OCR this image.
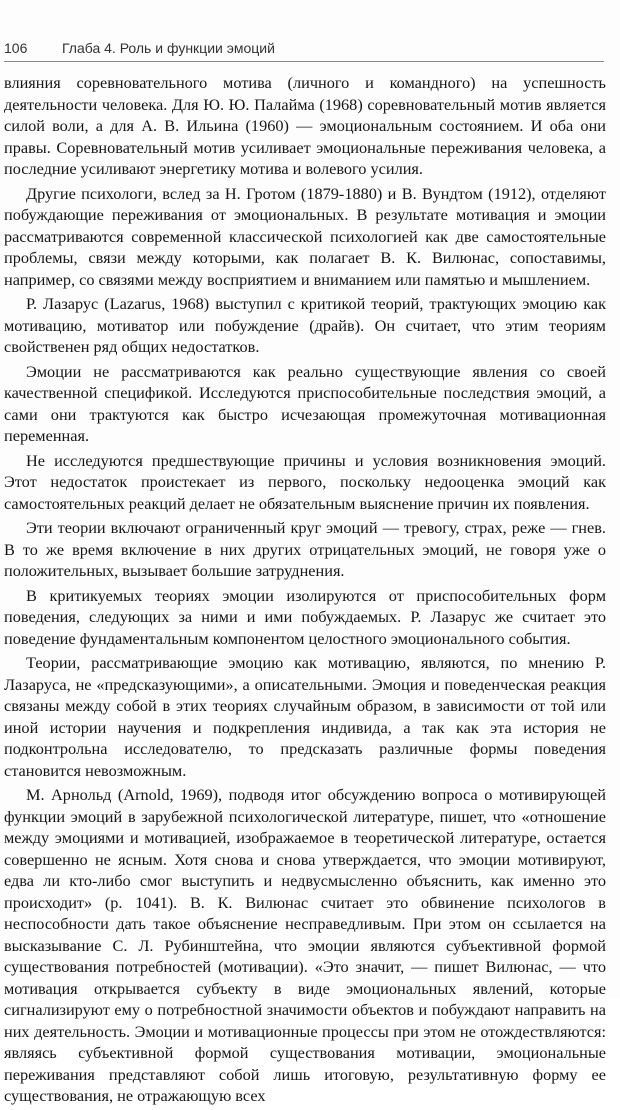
106 Глаба 4. Роль и функции эмоций

влияния соревновательного мотива (личного и командного) на успешность деятельности человека. Для Ю. Ю. Палайма (1968) соревновательный мотив является силой воли, а для А. В. Ильина (1960) — эмоциональным состоянием. И оба они правы. Соревновательный мотив усиливает эмоциональные переживания человека, а последние усиливают энергетику мотива и волевого усилия.

Другие психологи, вслед за Н. Гротом (1879-1880) и В. Вундтом (1912), отделяют побуждающие переживания от эмоциональных. В результате мотивация и эмоции рассматриваются современной классической психологией как две самостоятельные проблемы, связи между которыми, как полагает В. К. Вилюнас, сопоставимы, например, со связями между восприятием и вниманием или памятью и мышлением.

Р. Лазарус (Lazarus, 1968) выступил с критикой теорий, трактующих эмоцию как мотивацию, мотиватор или побуждение (драйв). Он считает, что этим теориям свойственен ряд общих недостатков.

Эмоции не рассматриваются как реально существующие явления со своей качественной спецификой. Исследуются приспособительные последствия эмоций, а сами они трактуются как быстро исчезающая промежуточная мотивационная переменная.

Не исследуются предшествующие причины и условия возникновения эмоций. Этот недостаток проистекает из первого, поскольку недооценка эмоций как самостоятельных реакций делает не обязательным выяснение причин их появления.

Эти теории включают ограниченный круг эмоций — тревогу, страх, реже — гнев. В то же время включение в них других отрицательных эмоций, не говоря уже о положительных, вызывает большие затруднения.

В критикуемых теориях эмоции изолируются от приспособительных форм поведения, следующих за ними и ими побуждаемых. Р. Лазарус же считает это поведение фундаментальным компонентом целостного эмоционального события.

Теории, рассматривающие эмоцию как мотивацию, являются, по мнению Р. Лазаруса, не «предсказующими», а описательными. Эмоция и поведенческая реакция связаны между собой в этих теориях случайным образом, в зависимости от той или иной истории научения и подкрепления индивида, а так как эта история не подконтрольна исследователю, то предсказать различные формы поведения становится невозможным.

М. Арнольд (Arnold, 1969), подводя итог обсуждению вопроса о мотивирующей функции эмоций в зарубежной психологической литературе, пишет, что «отношение между эмоциями и мотивацией, изображаемое в теоретической литературе, остается совершенно не ясным. Хотя снова и снова утверждается, что эмоции мотивируют, едва ли кто-либо смог выступить и недвусмысленно объяснить, как именно это происходит» (p. 1041). В. К. Вилюнас считает это обвинение психологов в неспособности дать такое объяснение несправедливым. При этом он ссылается на высказывание С. Л. Рубинштейна, что эмоции являются субъективной формой существования потребностей (мотивации). «Это значит, — пишет Вилюнас, — что мотивация открывается субъекту в виде эмоциональных явлений, которые сигнализируют ему о потребностной значимости объектов и побуждают направить на них деятельность. Эмоции и мотивационные процессы при этом не отождествляются: являясь субъективной формой существования мотивации, эмоциональные переживания представляют собой лишь итоговую, результативную форму ее существования, не отражающую всех
